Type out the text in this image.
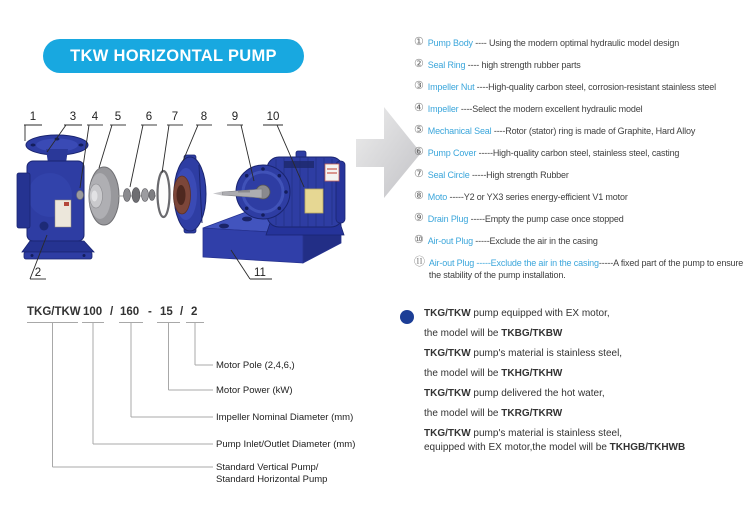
TKW HORIZONTAL PUMP
1	3 4 5 6 7 8 9 10
2	11
① Pump Body ---- Using the modern optimal hydraulic model design
② Seal Ring ---- high strength rubber parts
③ Impeller Nut ----High-quality carbon steel, corrosion-resistant stainless steel
④ Impeller ----Select the modern excellent hydraulic model
⑤ Mechanical Seal ----Rotor (stator) ring is made of Graphite, Hard Alloy
⑥ Pump Cover -----High-quality carbon steel, stainless steel, casting
⑦ Seal Circle -----High strength Rubber
⑧ Moto -----Y2 or YX3 series energy-efficient V1 motor
⑨ Drain Plug -----Empty the pump case once stopped
⑩ Air-out Plug -----Exclude the air in the casing
⑪ Air-out Plug -----Exclude the air in the casing-----A fixed part of the pump to ensure the stability of the pump installation.
TKG/TKW 100 / 160 - 15 / 2
Motor Pole (2,4,6,)
Motor Power (kW)
Impeller Nominal Diameter (mm)
Pump Inlet/Outlet Diameter (mm)
Standard Vertical Pump/
Standard Horizontal Pump
TKG/TKW pump equipped with EX motor,
the model will be TKBG/TKBW
TKG/TKW pump's material is stainless steel,
the model will be TKHG/TKHW
TKG/TKW pump delivered the hot water,
the model will be TKRG/TKRW
TKG/TKW pump's material is stainless steel,
equipped with EX motor,the model will be TKHGB/TKHWB
